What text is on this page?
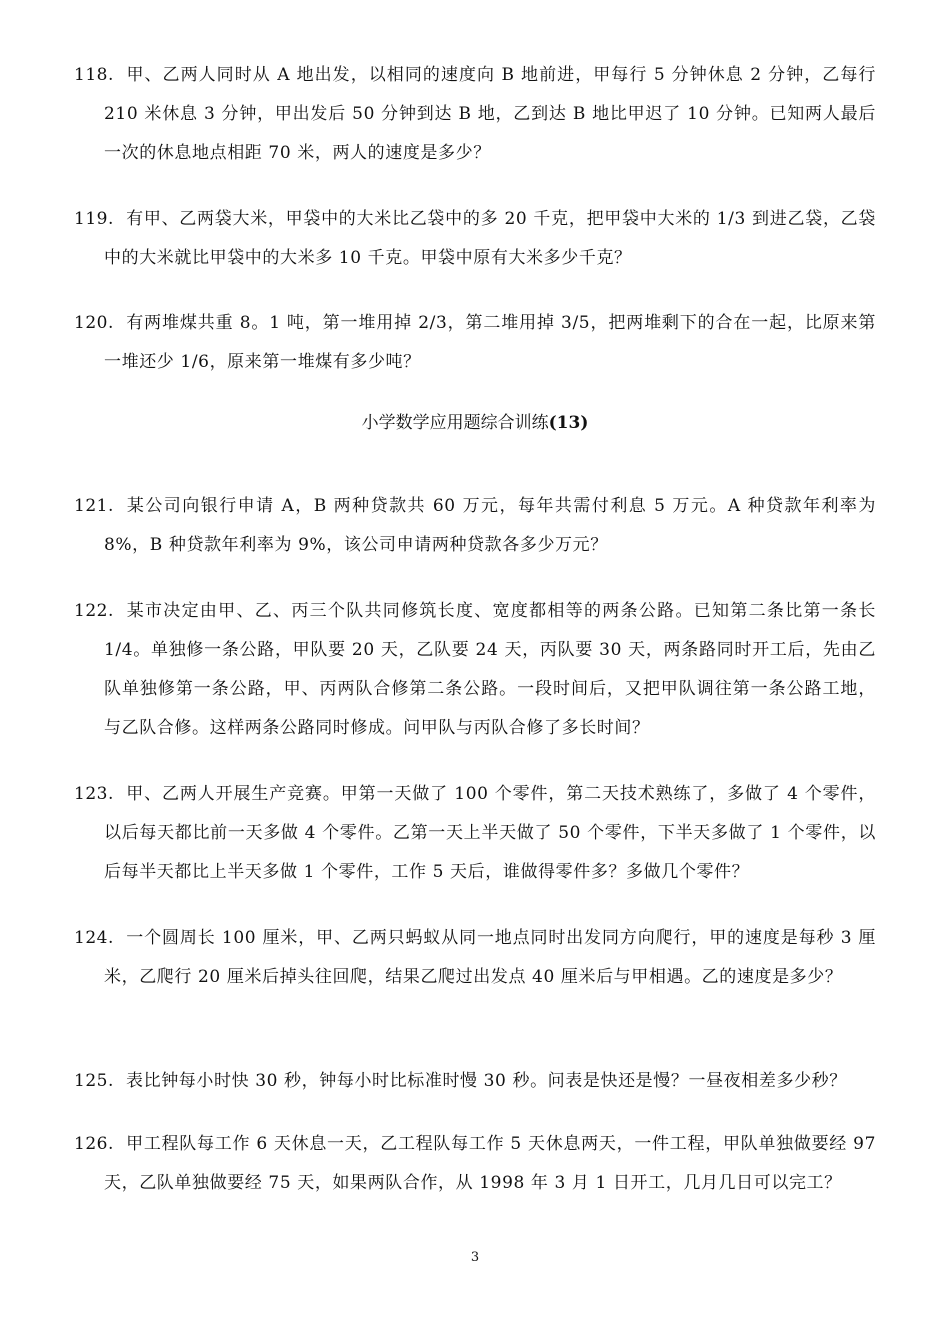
118. 甲、乙两人同时从 A 地出发，以相同的速度向 B 地前进，甲每行 5 分钟休息 2 分钟，乙每行 210 米休息 3 分钟，甲出发后 50 分钟到达 B 地，乙到达 B 地比甲迟了 10 分钟。已知两人最后一次的休息地点相距 70 米，两人的速度是多少？
119. 有甲、乙两袋大米，甲袋中的大米比乙袋中的多 20 千克，把甲袋中大米的 1/3 到进乙袋，乙袋中的大米就比甲袋中的大米多 10 千克。甲袋中原有大米多少千克？
120. 有两堆煤共重 8。1 吨，第一堆用掉 2/3，第二堆用掉 3/5，把两堆剩下的合在一起，比原来第一堆还少 1/6，原来第一堆煤有多少吨？
小学数学应用题综合训练(13)
121. 某公司向银行申请 A，B 两种贷款共 60 万元，每年共需付利息 5 万元。A 种贷款年利率为 8%，B 种贷款年利率为 9%，该公司申请两种贷款各多少万元？
122. 某市决定由甲、乙、丙三个队共同修筑长度、宽度都相等的两条公路。已知第二条比第一条长 1/4。单独修一条公路，甲队要 20 天，乙队要 24 天，丙队要 30 天，两条路同时开工后，先由乙队单独修第一条公路，甲、丙两队合修第二条公路。一段时间后，又把甲队调往第一条公路工地，与乙队合修。这样两条公路同时修成。问甲队与丙队合修了多长时间？
123. 甲、乙两人开展生产竞赛。甲第一天做了 100 个零件，第二天技术熟练了，多做了 4 个零件，以后每天都比前一天多做 4 个零件。乙第一天上半天做了 50 个零件，下半天多做了 1 个零件，以后每半天都比上半天多做 1 个零件，工作 5 天后，谁做得零件多？多做几个零件？
124. 一个圆周长 100 厘米，甲、乙两只蚂蚁从同一地点同时出发同方向爬行，甲的速度是每秒 3 厘米，乙爬行 20 厘米后掉头往回爬，结果乙爬过出发点 40 厘米后与甲相遇。乙的速度是多少？
125. 表比钟每小时快 30 秒，钟每小时比标准时慢 30 秒。问表是快还是慢？一昼夜相差多少秒？
126. 甲工程队每工作 6 天休息一天，乙工程队每工作 5 天休息两天，一件工程，甲队单独做要经 97 天，乙队单独做要经 75 天，如果两队合作，从 1998 年 3 月 1 日开工，几月几日可以完工？
3
